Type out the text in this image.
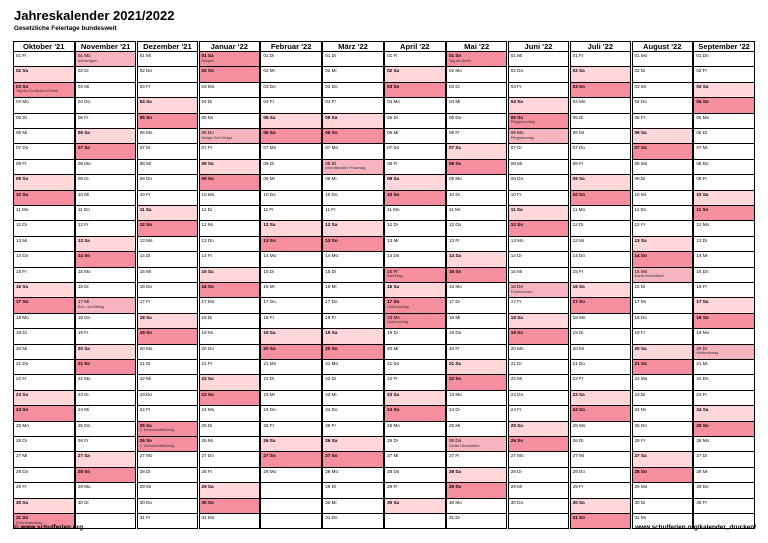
Jahreskalender 2021/2022
Gesetzliche Feiertage bundesweit
Oktober '21
01 Fr
02 Sa
03 So
Tag der Deutschen Einheit
04 Mo
05 Di
06 Mi
07 Do
08 Fr
09 Sa
10 So
11 Mo
12 Di
13 Mi
14 Do
15 Fr
16 Sa
17 So
18 Mo
19 Di
20 Mi
21 Do
22 Fr
23 Sa
24 So
25 Mo
26 Di
27 Mi
28 Do
29 Fr
30 Sa
31 So
Reformationstag
November '21
01 Mo
Allerheiligen
02 Di
03 Mi
04 Do
05 Fr
06 Sa
07 So
08 Mo
09 Di
10 Mi
11 Do
12 Fr
13 Sa
14 So
15 Mo
16 Di
17 Mi
Buß- und Bettag
18 Do
19 Fr
20 Sa
21 So
22 Mo
23 Di
24 Mi
25 Do
26 Fr
27 Sa
28 So
29 Mo
30 Di
Dezember '21
01 Mi
02 Do
03 Fr
04 Sa
05 So
06 Mo
07 Di
08 Mi
09 Do
10 Fr
11 Sa
12 So
13 Mo
14 Di
15 Mi
16 Do
17 Fr
18 Sa
19 So
20 Mo
21 Di
22 Mi
23 Do
24 Fr
25 Sa
1. Weihnachtsfeiertag
26 So
2. Weihnachtsfeiertag
27 Mo
28 Di
29 Mi
30 Do
31 Fr
Januar '22
01 Sa
Neujahr
02 So
03 Mo
04 Di
05 Mi
06 Do
Heilige Drei Könige
07 Fr
08 Sa
09 So
10 Mo
11 Di
12 Mi
13 Do
14 Fr
15 Sa
16 So
17 Mo
18 Di
19 Mi
20 Do
21 Fr
22 Sa
23 So
24 Mo
25 Di
26 Mi
27 Do
28 Fr
29 Sa
30 So
31 Mo
Februar '22
01 Di
02 Mi
03 Do
04 Fr
05 Sa
06 So
07 Mo
08 Di
09 Mi
10 Do
11 Fr
12 Sa
13 So
14 Mo
15 Di
16 Mi
17 Do
18 Fr
19 Sa
20 So
21 Mo
22 Di
23 Mi
24 Do
25 Fr
26 Sa
27 So
28 Mo
März '22
01 Di
02 Mi
03 Do
04 Fr
05 Sa
06 So
07 Mo
08 Di
Internationaler Frauentag
09 Mi
10 Do
11 Fr
12 Sa
13 So
14 Mo
15 Di
16 Mi
17 Do
18 Fr
19 Sa
20 So
21 Mo
22 Di
23 Mi
24 Do
25 Fr
26 Sa
27 So
28 Mo
29 Di
30 Mi
31 Do
April '22
01 Fr
02 Sa
03 So
04 Mo
05 Di
06 Mi
07 Do
08 Fr
09 Sa
10 So
11 Mo
12 Di
13 Mi
14 Do
15 Fr
Karfreitag
16 Sa
17 So
Ostersonntag
18 Mo
Ostermontag
19 Di
20 Mi
21 Do
22 Fr
23 Sa
24 So
25 Mo
26 Di
27 Mi
28 Do
29 Fr
30 Sa
Mai '22
01 So
Tag der Arbeit
02 Mo
03 Di
04 Mi
05 Do
06 Fr
07 Sa
08 So
09 Mo
10 Di
11 Mi
12 Do
13 Fr
14 Sa
15 So
16 Mo
17 Di
18 Mi
19 Do
20 Fr
21 Sa
22 So
23 Mo
24 Di
25 Mi
26 Do
Christi Himmelfahrt
27 Fr
28 Sa
29 So
30 Mo
31 Di
Juni '22
01 Mi
02 Do
03 Fr
04 Sa
05 So
Pfingstsonntag
06 Mo
Pfingstmontag
07 Di
08 Mi
09 Do
10 Fr
11 Sa
12 So
13 Mo
14 Di
15 Mi
16 Do
Fronleichnam
17 Fr
18 Sa
19 So
20 Mo
21 Di
22 Mi
23 Do
24 Fr
25 Sa
26 So
27 Mo
28 Di
29 Mi
30 Do
Juli '22
01 Fr
02 Sa
03 So
04 Mo
05 Di
06 Mi
07 Do
08 Fr
09 Sa
10 So
11 Mo
12 Di
13 Mi
14 Do
15 Fr
16 Sa
17 So
18 Mo
19 Di
20 Mi
21 Do
22 Fr
23 Sa
24 So
25 Mo
26 Di
27 Mi
28 Do
29 Fr
30 Sa
31 So
August '22
01 Mo
02 Di
03 Mi
04 Do
05 Fr
06 Sa
07 So
08 Mo
09 Di
10 Mi
11 Do
12 Fr
13 Sa
14 So
15 Mo
Mariä Himmelfahrt
16 Di
17 Mi
18 Do
19 Fr
20 Sa
21 So
22 Mo
23 Di
24 Mi
25 Do
26 Fr
27 Sa
28 So
29 Mo
30 Di
31 Mi
September '22
01 Do
02 Fr
03 Sa
04 So
05 Mo
06 Di
07 Mi
08 Do
09 Fr
10 Sa
11 So
12 Mo
13 Di
14 Mi
15 Do
16 Fr
17 Sa
18 So
19 Mo
20 Di
Weltkindertag
21 Mi
22 Do
23 Fr
24 Sa
25 So
26 Mo
27 Di
28 Mi
29 Do
30 Fr
© www.schulferien.org	www.schulferien.org/kalender_drucken/
